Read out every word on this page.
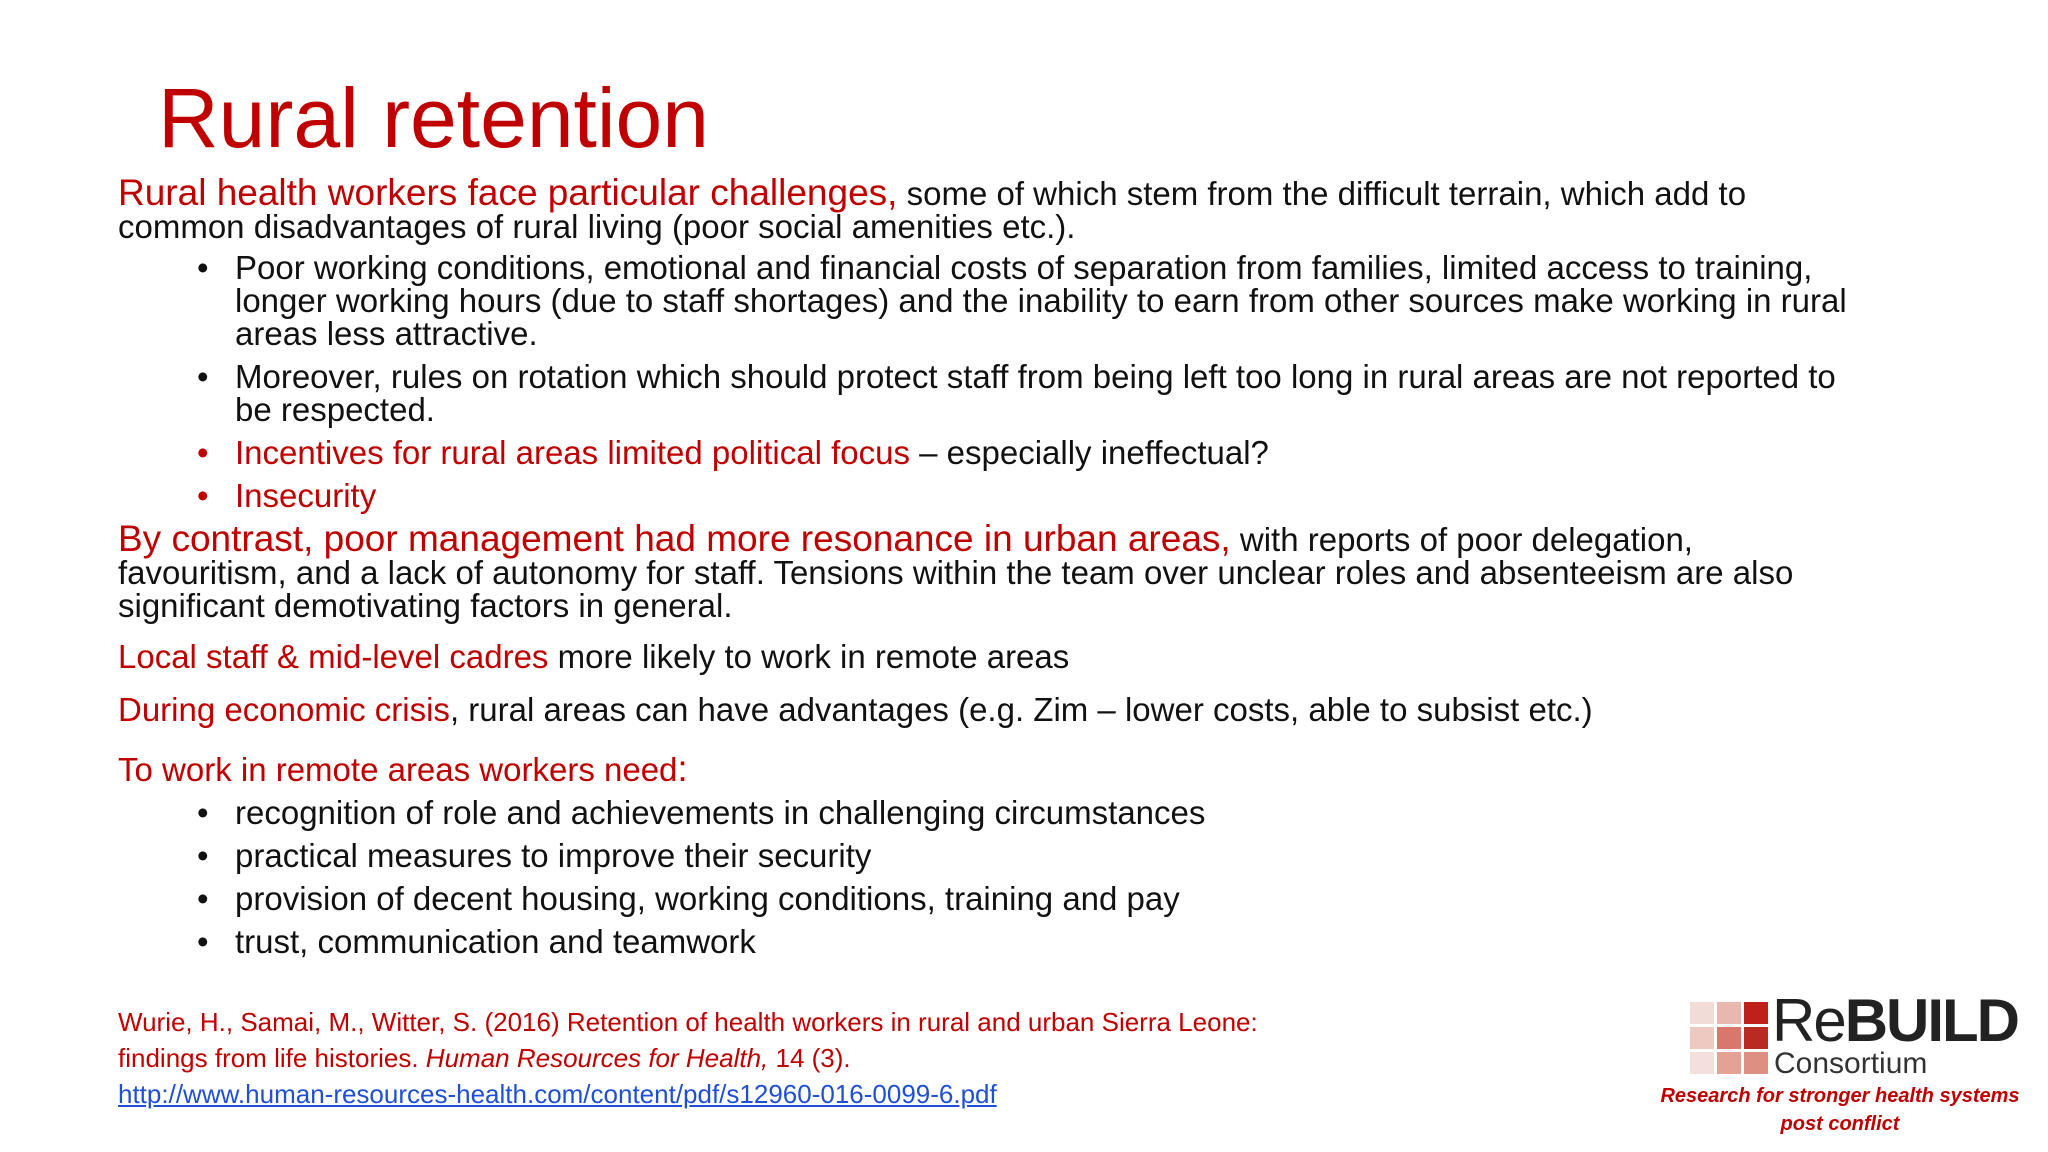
Rural retention

Rural health workers face particular challenges, some of which stem from the difficult terrain, which add to common disadvantages of rural living (poor social amenities etc.).

• Poor working conditions, emotional and financial costs of separation from families, limited access to training, longer working hours (due to staff shortages) and the inability to earn from other sources make working in rural areas less attractive.
• Moreover, rules on rotation which should protect staff from being left too long in rural areas are not reported to be respected.
• Incentives for rural areas limited political focus – especially ineffectual?
• Insecurity

By contrast, poor management had more resonance in urban areas, with reports of poor delegation, favouritism, and a lack of autonomy for staff. Tensions within the team over unclear roles and absenteeism are also significant demotivating factors in general.

Local staff & mid-level cadres more likely to work in remote areas

During economic crisis, rural areas can have advantages (e.g. Zim – lower costs, able to subsist etc.)

To work in remote areas workers need:

• recognition of role and achievements in challenging circumstances
• practical measures to improve their security
• provision of decent housing, working conditions, training and pay
• trust, communication and teamwork
Wurie, H., Samai, M., Witter, S. (2016) Retention of health workers in rural and urban Sierra Leone:
findings from life histories. Human Resources for Health, 14 (3).
http://www.human-resources-health.com/content/pdf/s12960-016-0099-6.pdf
ReBUILD
Consortium
Research for stronger health systems post conflict
